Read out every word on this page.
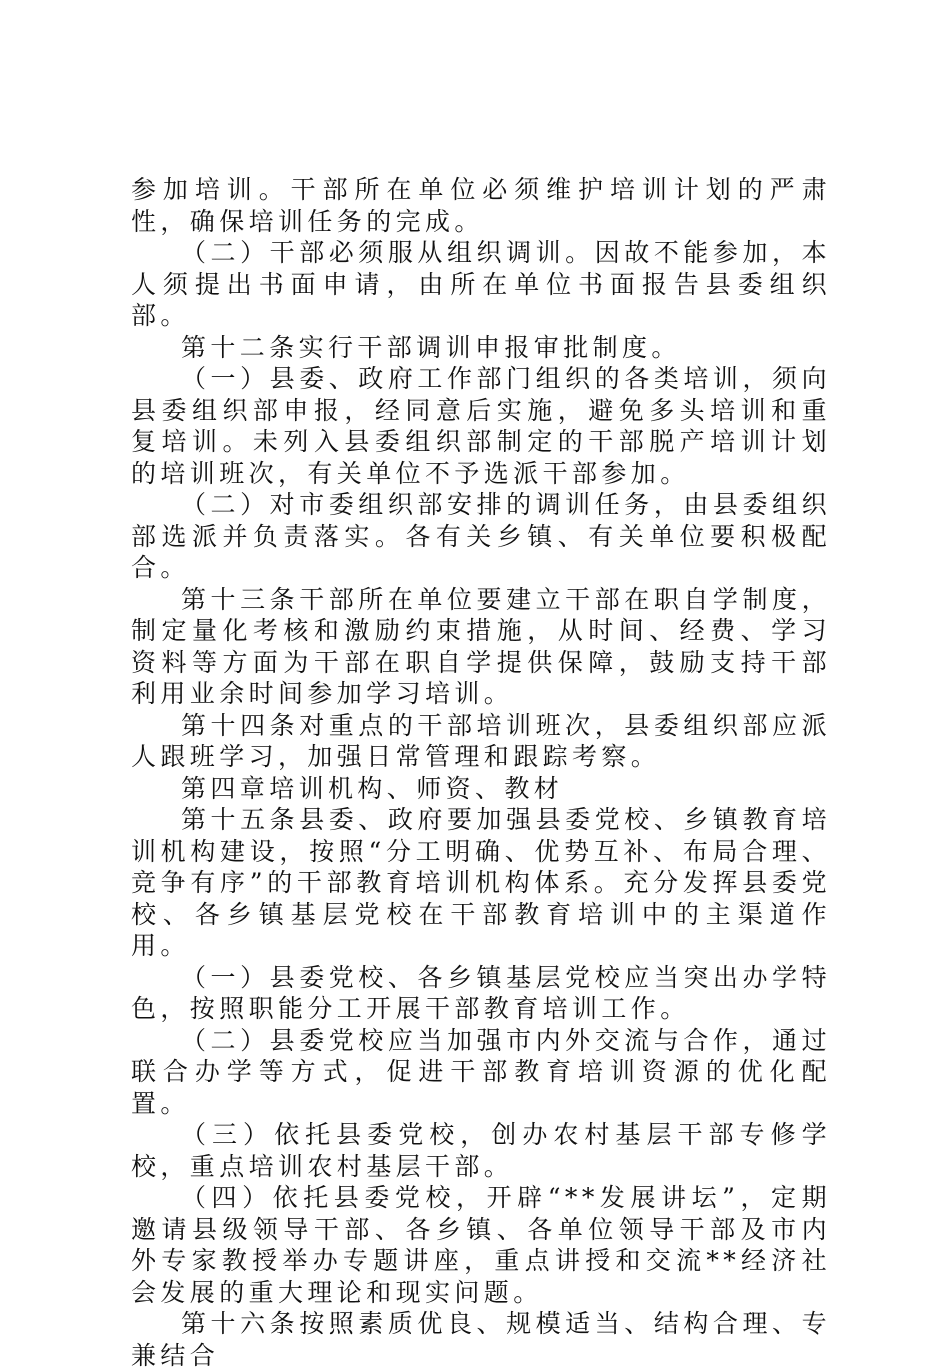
参加培训。干部所在单位必须维护培训计划的严肃性，确保培训任务的完成。

（二）干部必须服从组织调训。因故不能参加，本人须提出书面申请，由所在单位书面报告县委组织部。

第十二条实行干部调训申报审批制度。

（一）县委、政府工作部门组织的各类培训，须向县委组织部申报，经同意后实施，避免多头培训和重复培训。未列入县委组织部制定的干部脱产培训计划的培训班次，有关单位不予选派干部参加。

（二）对市委组织部安排的调训任务，由县委组织部选派并负责落实。各有关乡镇、有关单位要积极配合。

第十三条干部所在单位要建立干部在职自学制度，制定量化考核和激励约束措施，从时间、经费、学习资料等方面为干部在职自学提供保障，鼓励支持干部利用业余时间参加学习培训。

第十四条对重点的干部培训班次，县委组织部应派人跟班学习，加强日常管理和跟踪考察。

第四章培训机构、师资、教材

第十五条县委、政府要加强县委党校、乡镇教育培训机构建设，按照“分工明确、优势互补、布局合理、竞争有序”的干部教育培训机构体系。充分发挥县委党校、各乡镇基层党校在干部教育培训中的主渠道作用。

（一）县委党校、各乡镇基层党校应当突出办学特色，按照职能分工开展干部教育培训工作。

（二）县委党校应当加强市内外交流与合作，通过联合办学等方式，促进干部教育培训资源的优化配置。

（三）依托县委党校，创办农村基层干部专修学校，重点培训农村基层干部。

（四）依托县委党校，开辟“**发展讲坛”，定期邀请县级领导干部、各乡镇、各单位领导干部及市内外专家教授举办专题讲座，重点讲授和交流**经济社会发展的重大理论和现实问题。

第十六条按照素质优良、规模适当、结构合理、专兼结合
